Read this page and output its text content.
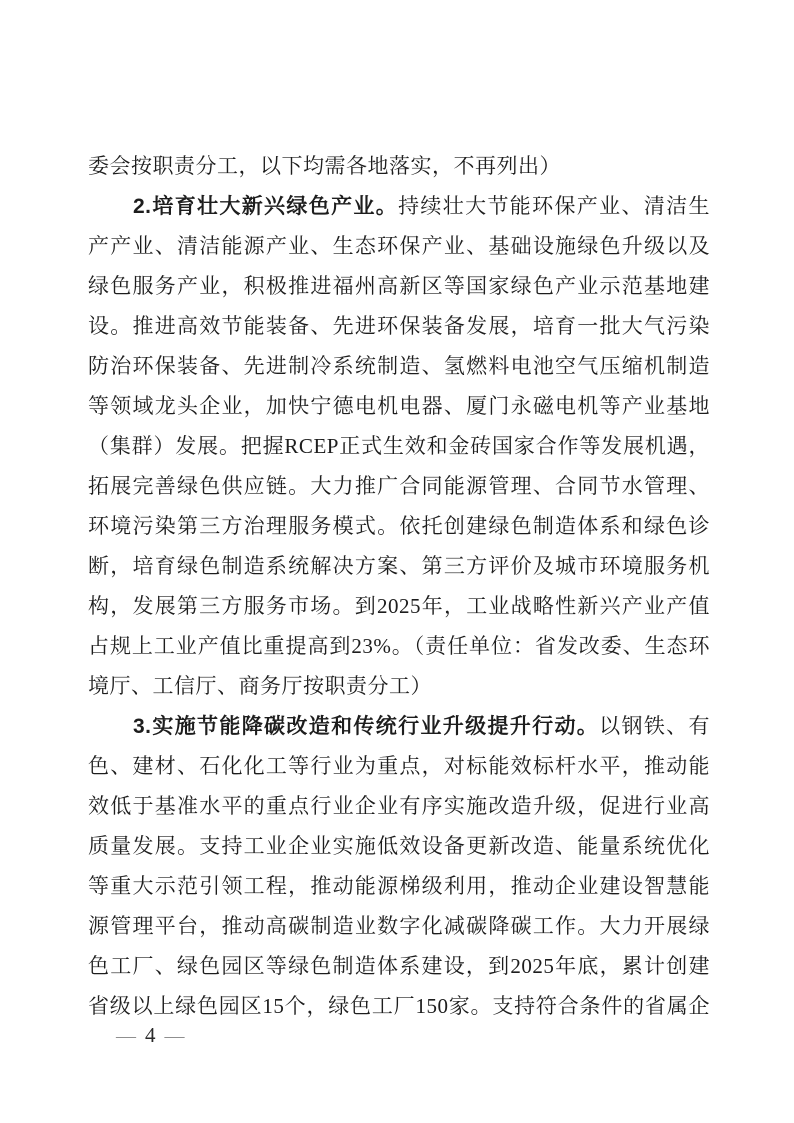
委会按职责分工，以下均需各地落实，不再列出）
2.培育壮大新兴绿色产业。持续壮大节能环保产业、清洁生
产产业、清洁能源产业、生态环保产业、基础设施绿色升级以及
绿色服务产业，积极推进福州高新区等国家绿色产业示范基地建
设。推进高效节能装备、先进环保装备发展，培育一批大气污染
防治环保装备、先进制冷系统制造、氢燃料电池空气压缩机制造
等领域龙头企业，加快宁德电机电器、厦门永磁电机等产业基地
（集群）发展。把握RCEP正式生效和金砖国家合作等发展机遇，
拓展完善绿色供应链。大力推广合同能源管理、合同节水管理、
环境污染第三方治理服务模式。依托创建绿色制造体系和绿色诊
断，培育绿色制造系统解决方案、第三方评价及城市环境服务机
构，发展第三方服务市场。到2025年，工业战略性新兴产业产值
占规上工业产值比重提高到23%。（责任单位：省发改委、生态环
境厅、工信厅、商务厅按职责分工）
3.实施节能降碳改造和传统行业升级提升行动。以钢铁、有
色、建材、石化化工等行业为重点，对标能效标杆水平，推动能
效低于基准水平的重点行业企业有序实施改造升级，促进行业高
质量发展。支持工业企业实施低效设备更新改造、能量系统优化
等重大示范引领工程，推动能源梯级利用，推动企业建设智慧能
源管理平台，推动高碳制造业数字化减碳降碳工作。大力开展绿
色工厂、绿色园区等绿色制造体系建设，到2025年底，累计创建
省级以上绿色园区15个，绿色工厂150家。支持符合条件的省属企
— 4 —
